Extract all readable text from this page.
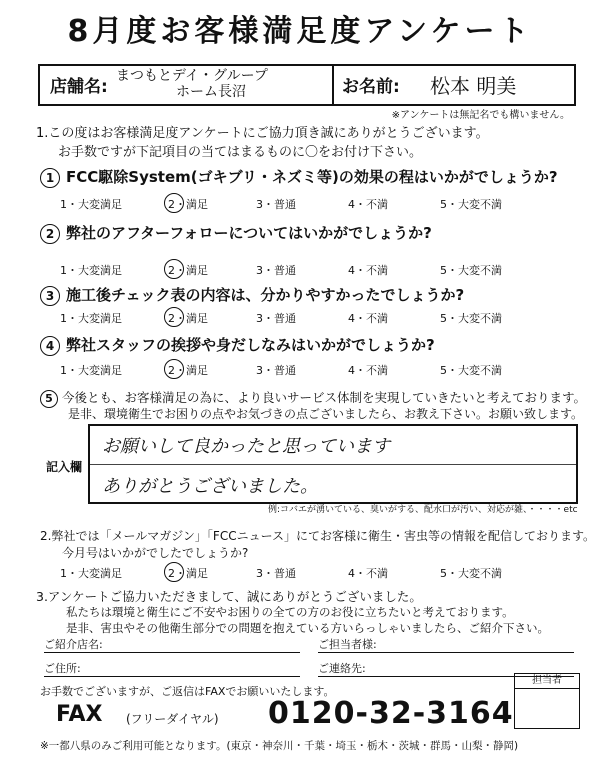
8月度お客様満足度アンケート
店舗名:
まつもとデイ・グループ
ホーム長沼	お名前: 松本 明美
※アンケートは無記名でも構いません。
1.この度はお客様満足度アンケートにご協力頂き誠にありがとうございます。
お手数ですが下記項目の当てはまるものに〇をお付け下さい。
1 FCC駆除System(ゴキブリ・ネズミ等)の効果の程はいかがでしょうか?
1・大変満足	2・満足	3・普通	4・不満	5・大変不満
2 弊社のアフターフォローについてはいかがでしょうか?
1・大変満足	2・満足	3・普通	4・不満	5・大変不満
3 施工後チェック表の内容は、分かりやすかったでしょうか?
1・大変満足	2・満足	3・普通	4・不満	5・大変不満
4 弊社スタッフの挨拶や身だしなみはいかがでしょうか?
1・大変満足	2・満足	3・普通	4・不満	5・大変不満
5 今後とも、お客様満足の為に、より良いサービス体制を実現していきたいと考えております。
是非、環境衛生でお困りの点やお気づきの点ございましたら、お教え下さい。お願い致します。
記入欄
お願いして良かったと思っています
ありがとうございました。
例:コバエが湧いている、臭いがする、配水口が汚い、対応が雑、・・・・etc
2.弊社では「メールマガジン」「FCCニュース」にてお客様に衛生・害虫等の情報を配信しております。
今月号はいかがでしたでしょうか?
1・大変満足	2・満足	3・普通	4・不満	5・大変不満
3.アンケートご協力いただきまして、誠にありがとうございました。
私たちは環境と衛生にご不安やお困りの全ての方のお役に立ちたいと考えております。
是非、害虫やその他衛生部分での問題を抱えている方いらっしゃいましたら、ご紹介下さい。
ご紹介店名:	ご担当者様:
ご住所:	ご連絡先:
お手数でございますが、ご返信はFAXでお願いいたします。
FAX (フリーダイヤル) 0120-32-3164
担当者
※一都八県のみご利用可能となります。(東京・神奈川・千葉・埼玉・栃木・茨城・群馬・山梨・静岡)
